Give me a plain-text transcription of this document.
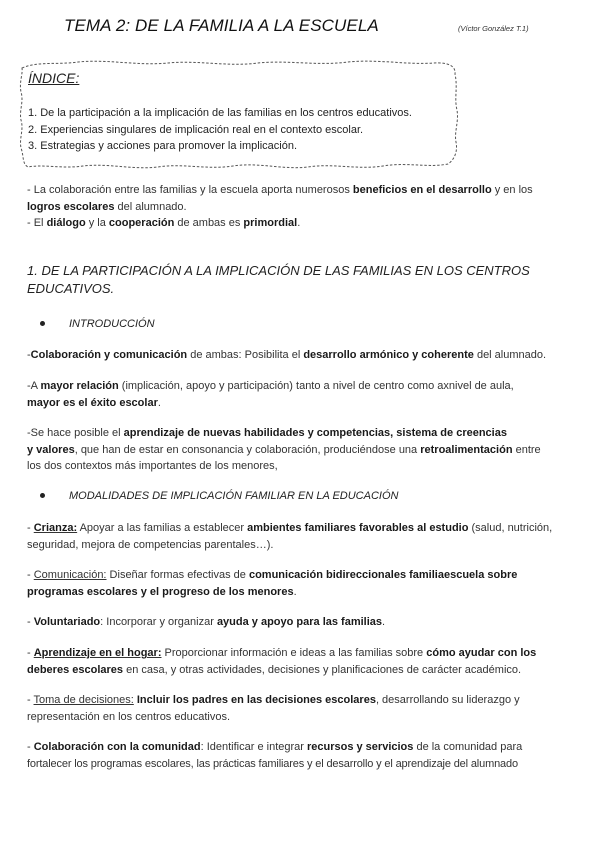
TEMA 2: DE LA FAMILIA A LA ESCUELA	(Víctor González T.1)
ÍNDICE:
1. De la participación a la implicación de las familias en los centros educativos.
2. Experiencias singulares de implicación real en el contexto escolar.
3. Estrategias y acciones para promover la implicación.
- La colaboración entre las familias y la escuela aporta numerosos beneficios en el desarrollo y en los
logros escolares del alumnado.
- El diálogo y la cooperación de ambas es primordial.
1. DE LA PARTICIPACIÓN A LA IMPLICACIÓN DE LAS FAMILIAS EN LOS CENTROS
EDUCATIVOS.
INTRODUCCIÓN
-Colaboración y comunicación de ambas: Posibilita el desarrollo armónico y coherente del alumnado.
-A mayor relación (implicación, apoyo y participación) tanto a nivel de centro como axnivel de aula,
mayor es el éxito escolar.
-Se hace posible el aprendizaje de nuevas habilidades y competencias, sistema de creencias
y valores, que han de estar en consonancia y colaboración, produciéndose una retroalimentación entre
los dos contextos más importantes de los menores,
MODALIDADES DE IMPLICACIÓN FAMILIAR EN LA EDUCACIÓN
- Crianza: Apoyar a las familias a establecer ambientes familiares favorables al estudio (salud, nutrición,
seguridad, mejora de competencias parentales…).
- Comunicación: Diseñar formas efectivas de comunicación bidireccionales familiaescuela sobre
programas escolares y el progreso de los menores.
- Voluntariado: Incorporar y organizar ayuda y apoyo para las familias.
- Aprendizaje en el hogar: Proporcionar información e ideas a las familias sobre cómo ayudar con los
deberes escolares en casa, y otras actividades, decisiones y planificaciones de carácter académico.
- Toma de decisiones: Incluir los padres en las decisiones escolares, desarrollando su liderazgo y
representación en los centros educativos.
- Colaboración con la comunidad: Identificar e integrar recursos y servicios de la comunidad para
fortalecer los programas escolares, las prácticas familiares y el desarrollo y el aprendizaje del alumnado
